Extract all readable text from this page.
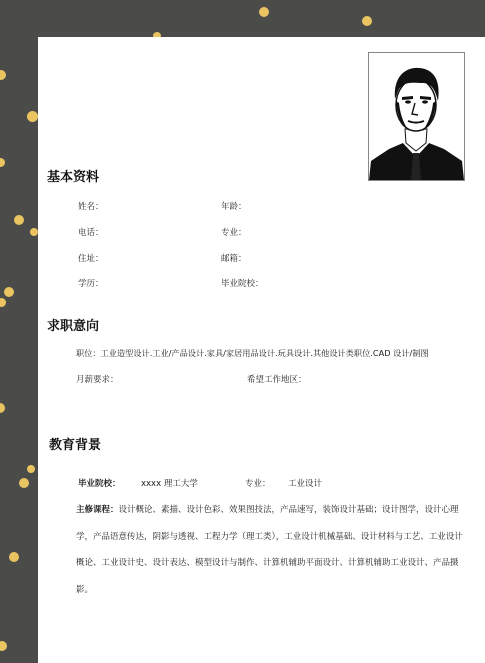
基本资料
姓名：	年龄：
电话：	专业：
住址：	邮箱：
学历：	毕业院校：
求职意向
职位：工业造型设计.工业/产品设计.家具/家居用品设计.玩具设计.其他设计类职位.CAD 设计/制图
月薪要求：	希望工作地区：
教育背景
毕业院校： xxxx 理工大学	专业： 工业设计
主修课程：设计概论、素描、设计色彩、效果图技法，产品速写，装饰设计基础；设计图学，设计心理学，产品语意传达，阴影与透视、工程力学（理工类），工业设计机械基础、设计材料与工艺、工业设计概论、工业设计史、设计表达、模型设计与制作、计算机辅助平面设计、计算机辅助工业设计、产品摄影。
